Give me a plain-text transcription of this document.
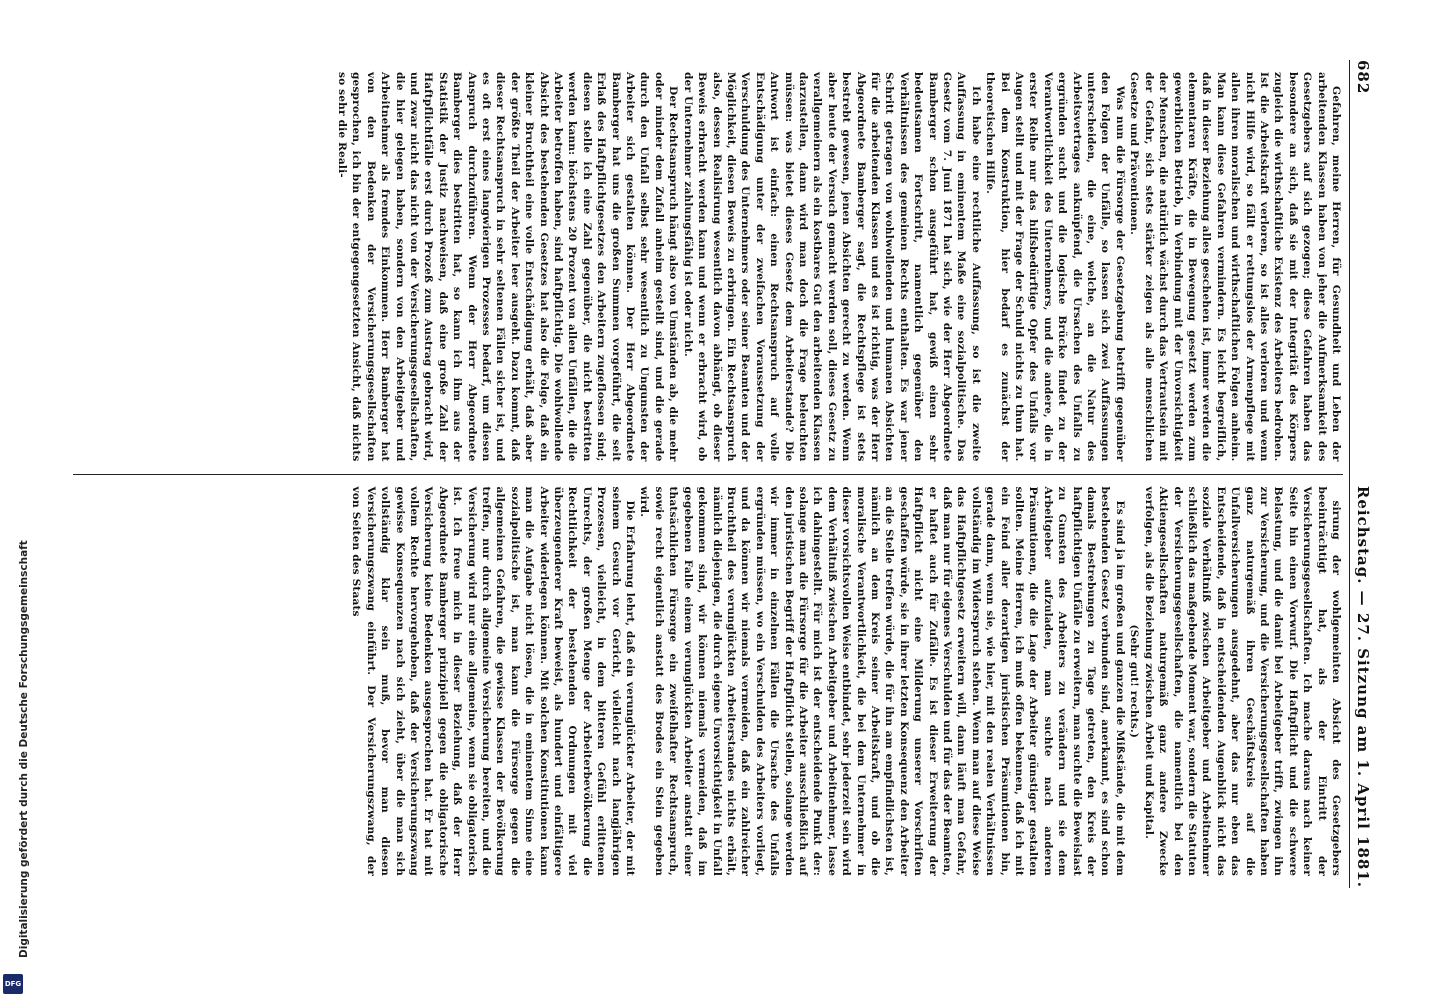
682
Reichstag. — 27. Sitzung am 1. April 1881.

Gefahren, meine Herren, für Gesundheit und Leben der arbeitenden Klassen haben von jeher die Aufmerksamkeit des Gesetzgebers auf sich gezogen; diese Gefahren haben das besondere an sich, daß sie mit der Integrität des Körpers zugleich die wirthschaftliche Existenz des Arbeiters bedrohen. Ist die Arbeitskraft verloren, so ist alles verloren und wenn nicht Hilfe wird, so fällt er rettungslos der Armenpflege mit allen ihren moralischen und wirthschaftlichen Folgen anheim. Man kann diese Gefahren vermindern. Es leicht begreiflich, daß in dieser Beziehung alles geschehen ist, immer werden die elementaren Kräfte, die in Bewegung gesetzt werden zum gewerblichen Betrieb, in Verbindung mit der Unvorsichtigkeit der Menschen, die natürlich wächst durch das Vertrautsein mit der Gefahr, sich stets stärker zeigen als alle menschlichen Gesetze und Präventionen.

Was nun die Fürsorge der Gesetzgebung betrifft gegenüber den Folgen der Unfälle, so lassen sich zwei Auffassungen unterscheiden, die eine, welche, an die Natur des Arbeitsvertrages anknüpfend, die Ursachen des Unfalls zu ergründen sucht und die logische Brücke findet zu der Verantwortlichkeit des Unternehmers, und die andere, die in erster Reihe nur das hilfsbedürftige Opfer des Unfalls vor Augen stellt und mit der Frage der Schuld nichts zu thun hat. Bei dem Konstruktion, hier bedarf es zunächst der theoretischen Hilfe.

Ich habe eine rechtliche Auffassung, so ist die zweite Auffassung in eminentem Maße eine sozialpolitische. Das Gesetz vom 7. Juni 1871 hat sich, wie der Herr Abgeordnete Bamberger schon ausgeführt hat, gewiß einen sehr bedeutsamen Fortschritt, namentlich gegenüber den Verhältnissen des gemeinen Rechts enthalten. Es war jener Schritt getragen von wohlwollenden und humanen Absichten für die arbeitenden Klassen und es ist richtig, was der Herr Abgeordnete Bamberger sagt, die Rechtspflege ist stets bestrebt gewesen, jenen Absichten gerecht zu werden. Wenn aber heute der Versuch gemacht werden soll, dieses Gesetz zu verallgemeinern als ein kostbares Gut den arbeitenden Klassen darzustellen, dann wird man doch die Frage beleuchten müssen: was bietet dieses Gesetz dem Arbeiterstande? Die Antwort ist einfach: einen Rechtsanspruch auf volle Entschädigung unter der zweifachen Voraussetzung der Verschuldung des Unternehmers oder seiner Beamten und der Möglichkeit, diesen Beweis zu erbringen. Ein Rechtsanspruch also, dessen Realisirung wesentlich davon abhängt, ob dieser Beweis erbracht werden kann und wenn er erbracht wird, ob der Unternehmer zahlungsfähig ist oder nicht.

Der Rechtsanspruch hängt also von Umständen ab, die mehr oder minder dem Zufall anheim gestellt sind, und die gerade durch den Unfall selbst sehr wesentlich zu Ungunsten der Arbeiter sich gestalten können. Der Herr Abgeordnete Bamberger hat uns die großen Summen vorgeführt, die seit Erlaß des Haftpflichtgesetzes den Arbeitern zugeflossen sind; diesen stelle ich eine Zahl gegenüber, die nicht bestritten werden kann: höchstens 20 Prozent von allen Unfällen, die die Arbeiter betroffen haben, sind haftpflichtig. Die wohlwollende Absicht des bestehenden Gesetzes hat also die Folge, daß ein kleiner Bruchtheil eine volle Entschädigung erhält, daß aber der größte Theil der Arbeiter leer ausgeht. Dazu kommt, daß dieser Rechtsanspruch in sehr seltenen Fällen sicher ist, und es oft erst eines langwierigen Prozesses bedarf, um diesen Anspruch durchzuführen. Wenn der Herr Abgeordnete Bamberger dies bestritten hat, so kann ich ihm aus der Statistik der Justiz nachweisen, daß eine große Zahl der Haftpflichtfälle erst durch Prozeß zum Austrag gebracht wird, und zwar nicht das nicht von der Versicherungsgesellschaften, die hier gelegen haben, sondern von den Arbeitgeber und Arbeitnehmer als fremdes Einkommen. Herr Bamberger hat von den Bedenken der Versicherungsgesellschaften gesprochen, ich bin der entgegengesetzten Ansicht, daß nichts so sehr die Reali-

sirung der wohlgemeinten Absicht des Gesetzgebers beeinträchtigt hat, als der Eintritt der Versicherungsgesellschaften. Ich mache daraus nach keiner Seite hin einen Vorwurf. Die Haftpflicht und die schwere Belastung, und die damit bei Arbeitgeber trifft, zwingen ihn zur Versicherung, und die Versicherungsgesellschaften haben ganz naturgemäß ihren Geschäftskreis auf die Unfallversicherungen ausgedehnt, aber das nur eben das Entscheidende, daß in entscheidenden Augenblick nicht das soziale Verhältniß zwischen Arbeitgeber und Arbeitnehmer schließlich das maßgebende Moment war, sondern die Statuten der Versicherungsgesellschaften, die namentlich bei den Aktiengesellschaften naturgemäß ganz andere Zwecke verfolgen, als die Beziehung zwischen Arbeit und Kapital.

(Sehr gut! rechts.)

Es sind ja im großen und ganzen die Mißstände, die mit dem bestehenden Gesetz verbunden sind, anerkannt, es sind schon damals Bestrebungen zu Tage getreten, den Kreis der haftpflichtigen Unfälle zu erweitern, man suchte die Beweislast zu Gunsten des Arbeiters zu verändern und sie dem Arbeitgeber aufzuladen, man suchte nach anderen Präsumtionen, die die Lage der Arbeiter günstiger gestalten sollten. Meine Herren, ich muß offen bekennen, daß ich mit ein Feind aller derartigen juristischen Präsumtionen bin, gerade dann, wenn sie, wie hier, mit den realen Verhältnissen vollständig im Widerspruch stehen. Wenn man auf diese Weise das Haftpflichtgesetz erweitern will, dann läuft man Gefahr, daß man nur für eigenes Verschulden und für das der Beamten, er haftet auch für Zufälle. Es ist dieser Erweiterung der Haftpflicht nicht eine Milderung unserer Vorschriften geschaffen würde, sie in ihrer letzten Konsequenz den Arbeiter an die Stelle treffen würde, die für ihn am empfindlichsten ist, nämlich an dem Kreis seiner Arbeitskraft, und ob die moralische Verantwortlichkeit, die bei dem Unternehmer in dieser vorsichtsvollen Weise entbindet, sehr jederzeit sein wird dem Verhältniß zwischen Arbeitgeber und Arbeitnehmer, lasse ich dahingestellt. Für mich ist der entscheidende Punkt der: solange man die Fürsorge für die Arbeiter ausschließlich auf den juristischen Begriff der Haftpflicht stellen, solange werden wir immer in einzelnen Fällen die Ursache des Unfalls ergründen müssen, wo ein Verschulden des Arbeiters vorliegt, und da können wir niemals vermeiden, daß ein zahlreicher Bruchtheil des verunglückten Arbeiterstandes nichts erhält, nämlich diejenigen, die durch eigene Unvorsichtigkeit in Unfall gekommen sind, wir können niemals vermeiden, daß im gegebenen Falle einem verunglückten Arbeiter anstatt einer thatsächlichen Fürsorge ein zweifelhafter Rechtsanspruch, sowie recht eigentlich anstatt des Brodes ein Stein gegeben wird.

Die Erfahrung lehrt, daß ein verunglückter Arbeiter, der mit seinem Gesuch vor Gericht, vielleicht nach langjährigen Prozessen, vielleicht, in dem bitteren Gefühl erlittenen Unrechts, der großen Menge der Arbeiterbevölkerung die Rechtlichkeit der bestehenden Ordnungen mit viel überzeugenderer Kraft beweist, als hundert und einfältigere Arbeiter widerlegen können. Mit solchen Konstitutionen kann man die Aufgabe nicht lösen, die in eminentem Sinne eine sozialpolitische ist, man kann die Fürsorge gegen die allgemeinen Gefahren, die gewisse Klassen der Bevölkerung treffen, nur durch allgemeine Versicherung bereiten, und die Versicherung wird nur eine allgemeine, wenn sie obligatorisch ist. Ich freue mich in dieser Beziehung, daß der Herr Abgeordnete Bamberger prinzipiell gegen die obligatorische Versicherung keine Bedenken ausgesprochen hat. Er hat mit vollem Rechte hervorgehoben, daß der Versicherungszwang gewisse Konsequenzen nach sich zieht, über die man sich vollständig klar sein muß, bevor man diesen Versicherungszwang einführt. Der Versicherungszwang, der von Seiten des Staats

Digitalisierung gefördert durch die Deutsche Forschungsgemeinschaft
DFG
